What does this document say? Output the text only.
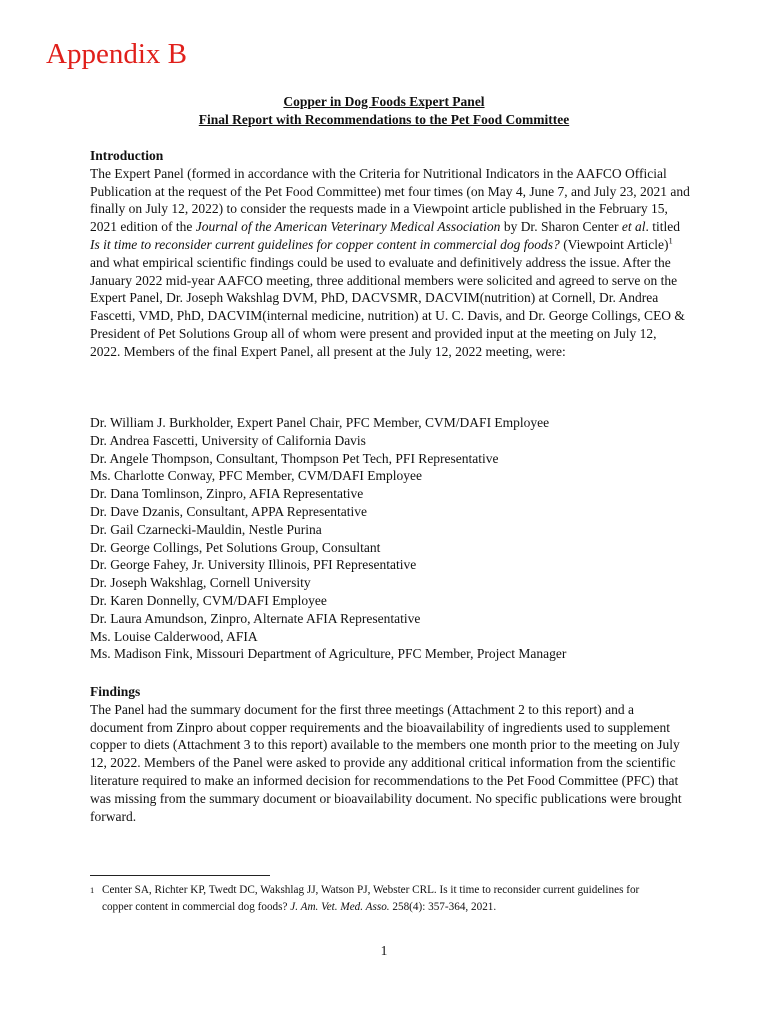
Appendix B
Copper in Dog Foods Expert Panel
Final Report with Recommendations to the Pet Food Committee
Introduction

The Expert Panel (formed in accordance with the Criteria for Nutritional Indicators in the AAFCO Official Publication at the request of the Pet Food Committee) met four times (on May 4, June 7, and July 23, 2021 and finally on July 12, 2022) to consider the requests made in a Viewpoint article published in the February 15, 2021 edition of the Journal of the American Veterinary Medical Association by Dr. Sharon Center et al. titled Is it time to reconsider current guidelines for copper content in commercial dog foods? (Viewpoint Article)$^1$ and what empirical scientific findings could be used to evaluate and definitively address the issue. After the January 2022 mid-year AAFCO meeting, three additional members were solicited and agreed to serve on the Expert Panel, Dr. Joseph Wakshlag DVM, PhD, DACVSMR, DACVIM(nutrition) at Cornell, Dr. Andrea Fascetti, VMD, PhD, DACVIM(internal medicine, nutrition) at U. C. Davis, and Dr. George Collings, CEO & President of Pet Solutions Group all of whom were present and provided input at the meeting on July 12, 2022. Members of the final Expert Panel, all present at the July 12, 2022 meeting, were:

Dr. William J. Burkholder, Expert Panel Chair, PFC Member, CVM/DAFI Employee
Dr. Andrea Fascetti, University of California Davis
Dr. Angele Thompson, Consultant, Thompson Pet Tech, PFI Representative
Ms. Charlotte Conway, PFC Member, CVM/DAFI Employee
Dr. Dana Tomlinson, Zinpro, AFIA Representative
Dr. Dave Dzanis, Consultant, APPA Representative
Dr. Gail Czarnecki-Mauldin, Nestle Purina
Dr. George Collings, Pet Solutions Group, Consultant
Dr. George Fahey, Jr. University Illinois, PFI Representative
Dr. Joseph Wakshlag, Cornell University
Dr. Karen Donnelly, CVM/DAFI Employee
Dr. Laura Amundson, Zinpro, Alternate AFIA Representative
Ms. Louise Calderwood, AFIA
Ms. Madison Fink, Missouri Department of Agriculture, PFC Member, Project Manager
Findings

The Panel had the summary document for the first three meetings (Attachment 2 to this report) and a document from Zinpro about copper requirements and the bioavailability of ingredients used to supplement copper to diets (Attachment 3 to this report) available to the members one month prior to the meeting on July 12, 2022. Members of the Panel were asked to provide any additional critical information from the scientific literature required to make an informed decision for recommendations to the Pet Food Committee (PFC) that was missing from the summary document or bioavailability document. No specific publications were brought forward.

1 Center SA, Richter KP, Twedt DC, Wakshlag JJ, Watson PJ, Webster CRL. Is it time to reconsider current guidelines for copper content in commercial dog foods? J. Am. Vet. Med. Asso. 258(4): 357-364, 2021.
1
